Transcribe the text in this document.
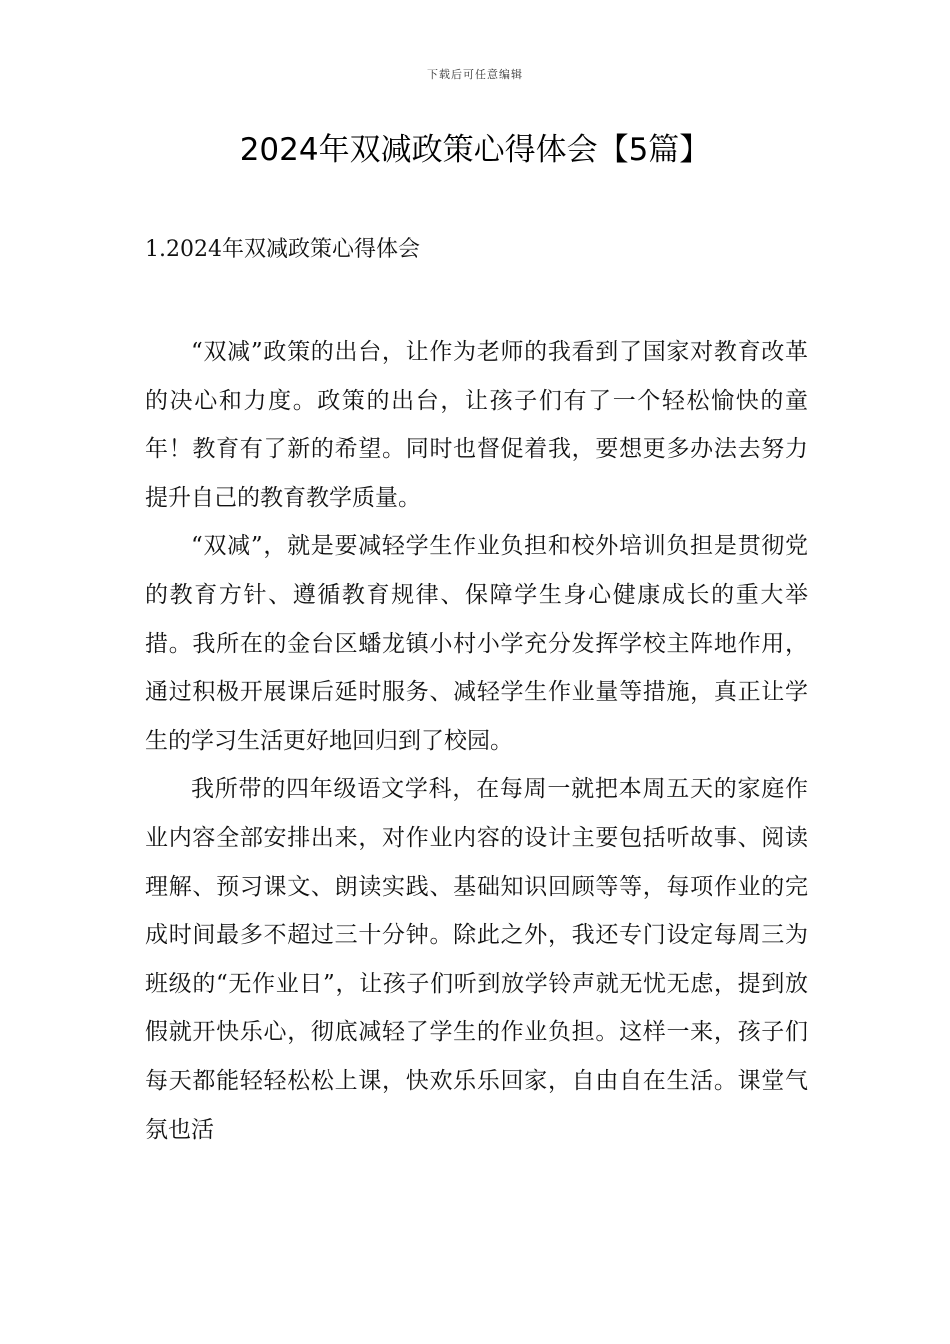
下载后可任意编辑
2024年双减政策心得体会【5篇】
1.2024年双减政策心得体会

“双减”政策的出台，让作为老师的我看到了国家对教育改革的决心和力度。政策的出台，让孩子们有了一个轻松愉快的童年！教育有了新的希望。同时也督促着我，要想更多办法去努力提升自己的教育教学质量。

“双减”，就是要减轻学生作业负担和校外培训负担是贯彻党的教育方针、遵循教育规律、保障学生身心健康成长的重大举措。我所在的金台区蟠龙镇小村小学充分发挥学校主阵地作用，通过积极开展课后延时服务、减轻学生作业量等措施，真正让学生的学习生活更好地回归到了校园。

我所带的四年级语文学科，在每周一就把本周五天的家庭作业内容全部安排出来，对作业内容的设计主要包括听故事、阅读理解、预习课文、朗读实践、基础知识回顾等等，每项作业的完成时间最多不超过三十分钟。除此之外，我还专门设定每周三为班级的“无作业日”，让孩子们听到放学铃声就无忧无虑，提到放假就开快乐心，彻底减轻了学生的作业负担。这样一来，孩子们每天都能轻轻松松上课，快欢乐乐回家，自由自在生活。课堂气氛也活
